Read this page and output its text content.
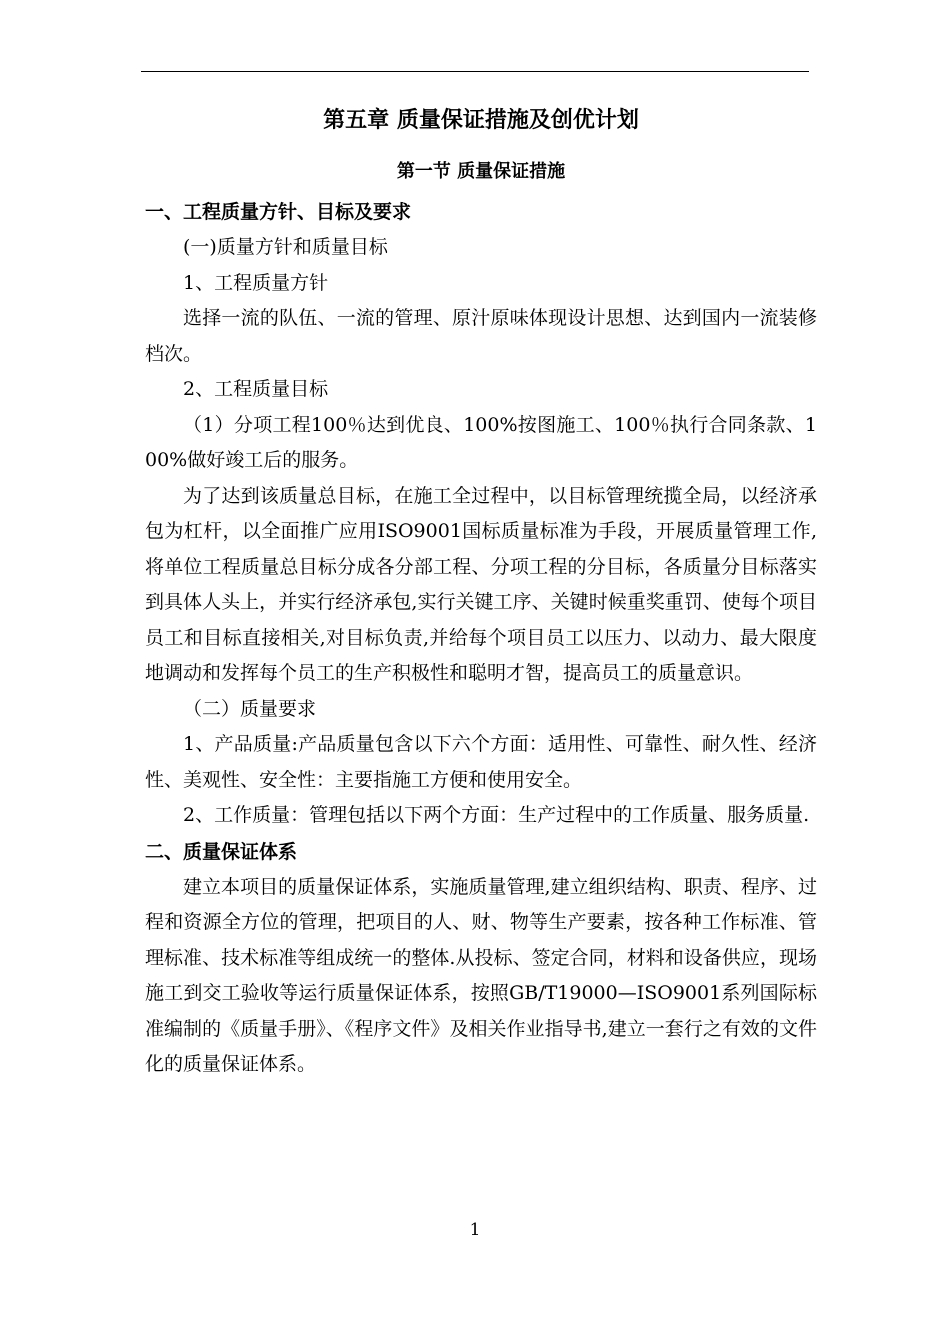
第五章 质量保证措施及创优计划
第一节 质量保证措施
一、工程质量方针、目标及要求

(一)质量方针和质量目标

1、工程质量方针

选择一流的队伍、一流的管理、原汁原味体现设计思想、达到国内一流装修档次。

2、工程质量目标

（1）分项工程100％达到优良、100%按图施工、100％执行合同条款、100%做好竣工后的服务。

为了达到该质量总目标，在施工全过程中，以目标管理统揽全局，以经济承包为杠杆，以全面推广应用ISO9001国标质量标准为手段，开展质量管理工作,将单位工程质量总目标分成各分部工程、分项工程的分目标，各质量分目标落实到具体人头上，并实行经济承包,实行关键工序、关键时候重奖重罚、使每个项目员工和目标直接相关,对目标负责,并给每个项目员工以压力、以动力、最大限度地调动和发挥每个员工的生产积极性和聪明才智，提高员工的质量意识。

（二）质量要求

1、产品质量:产品质量包含以下六个方面：适用性、可靠性、耐久性、经济性、美观性、安全性：主要指施工方便和使用安全。

2、工作质量：管理包括以下两个方面：生产过程中的工作质量、服务质量.

二、质量保证体系

建立本项目的质量保证体系，实施质量管理,建立组织结构、职责、程序、过程和资源全方位的管理，把项目的人、财、物等生产要素，按各种工作标准、管理标准、技术标准等组成统一的整体.从投标、签定合同，材料和设备供应，现场施工到交工验收等运行质量保证体系，按照GB/T19000—ISO9001系列国际标准编制的《质量手册》、《程序文件》及相关作业指导书,建立一套行之有效的文件化的质量保证体系。

1
